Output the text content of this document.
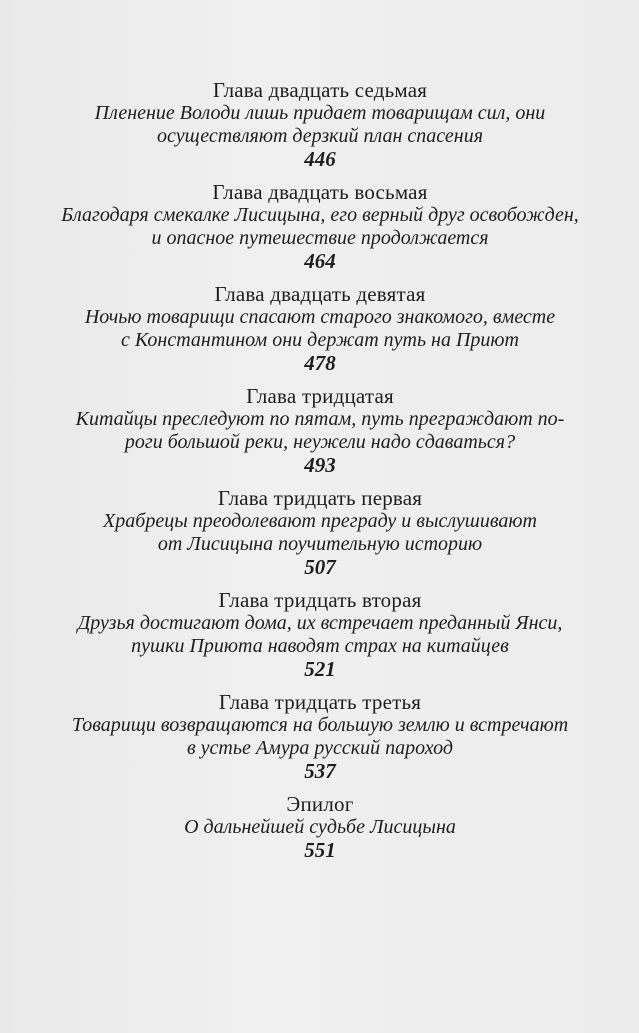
Глава двадцать седьмая

Пленение Володи лишь придает товарищам сил, они
осуществляют дерзкий план спасения

446

Глава двадцать восьмая

Благодаря смекалке Лисицына, его верный друг освобожден,
и опасное путешествие продолжается

464

Глава двадцать девятая

Ночью товарищи спасают старого знакомого, вместе
с Константином они держат путь на Приют

478

Глава тридцатая

Китайцы преследуют по пятам, путь преграждают по-
роги большой реки, неужели надо сдаваться?

493

Глава тридцать первая

Храбрецы преодолевают преграду и выслушивают
от Лисицына поучительную историю

507

Глава тридцать вторая

Друзья достигают дома, их встречает преданный Янси,
пушки Приюта наводят страх на китайцев

521

Глава тридцать третья

Товарищи возвращаются на большую землю и встречают
в устье Амура русский пароход

537

Эпилог

О дальнейшей судьбе Лисицына

551
